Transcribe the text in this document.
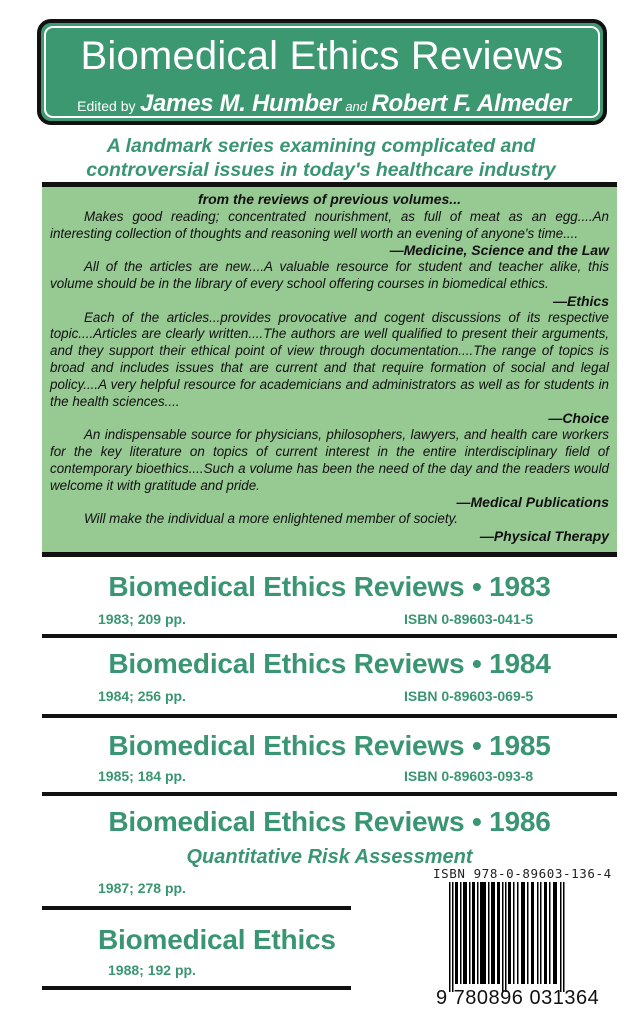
Biomedical Ethics Reviews
Edited by James M. Humber and Robert F. Almeder
A landmark series examining complicated and
controversial issues in today's healthcare industry
from the reviews of previous volumes...

Makes good reading; concentrated nourishment, as full of meat as an egg....An interesting collection of thoughts and reasoning well worth an evening of anyone's time....

—Medicine, Science and the Law

All of the articles are new....A valuable resource for student and teacher alike, this volume should be in the library of every school offering courses in biomedical ethics.

—Ethics

Each of the articles...provides provocative and cogent discussions of its respective topic....Articles are clearly written....The authors are well qualified to present their arguments, and they support their ethical point of view through documentation....The range of topics is broad and includes issues that are current and that require formation of social and legal policy....A very helpful resource for academicians and administrators as well as for students in the health sciences....

—Choice

An indispensable source for physicians, philosophers, lawyers, and health care workers for the key literature on topics of current interest in the entire interdisciplinary field of contemporary bioethics....Such a volume has been the need of the day and the readers would welcome it with gratitude and pride.

—Medical Publications

Will make the individual a more enlightened member of society.

—Physical Therapy

Biomedical Ethics Reviews • 1983
1983; 209 pp.	ISBN 0-89603-041-5
Biomedical Ethics Reviews • 1984
1984; 256 pp.	ISBN 0-89603-069-5
Biomedical Ethics Reviews • 1985
1985; 184 pp.	ISBN 0-89603-093-8
Biomedical Ethics Reviews • 1986
Quantitative Risk Assessment
1987; 278 pp.
Biomedical Ethics
1988; 192 pp.
ISBN 978-0-89603-136-4
9 780896 031364
